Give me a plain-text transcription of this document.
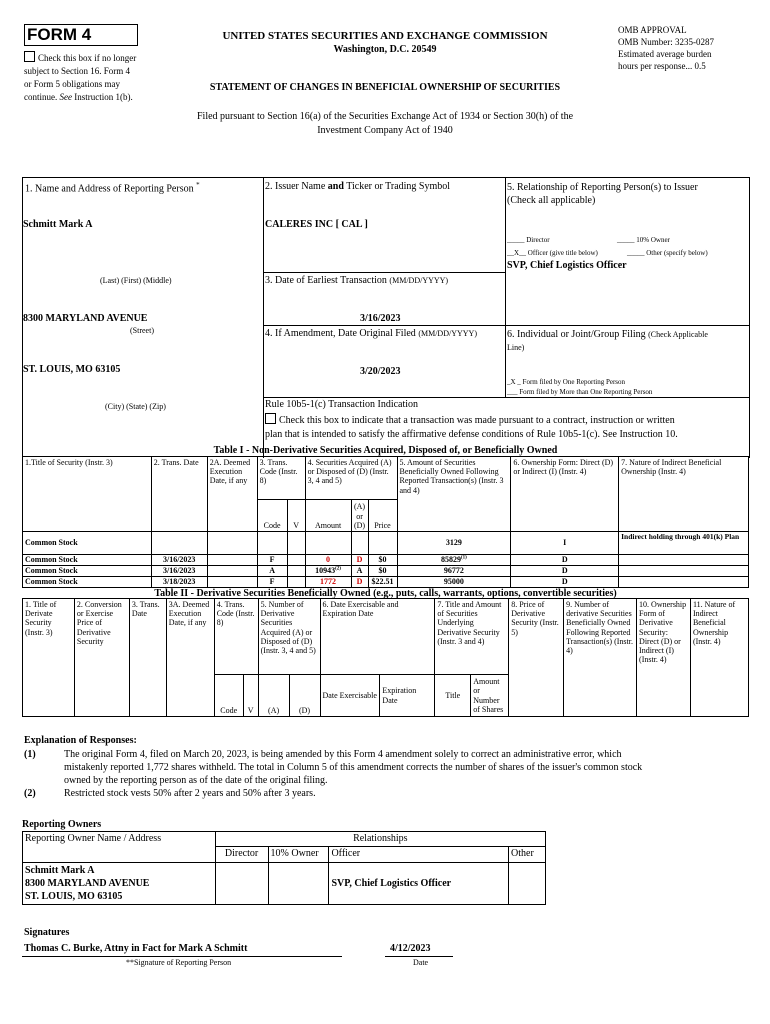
FORM 4
Check this box if no longer
subject to Section 16. Form 4
or Form 5 obligations may
continue. See Instruction 1(b).
UNITED STATES SECURITIES AND EXCHANGE COMMISSION
Washington, D.C. 20549
STATEMENT OF CHANGES IN BENEFICIAL OWNERSHIP OF SECURITIES
OMB APPROVAL
OMB Number: 3235-0287
Estimated average burden
hours per response... 0.5
Filed pursuant to Section 16(a) of the Securities Exchange Act of 1934 or Section 30(h) of the
Investment Company Act of 1940
1. Name and Address of Reporting Person *
Schmitt Mark A
(Last) (First) (Middle)
8300 MARYLAND AVENUE
(Street)
ST. LOUIS, MO 63105
(City) (State) (Zip)
2. Issuer Name and Ticker or Trading Symbol
CALERES INC [ CAL ]
3. Date of Earliest Transaction (MM/DD/YYYY)
3/16/2023
4. If Amendment, Date Original Filed (MM/DD/YYYY)
3/20/2023
5. Relationship of Reporting Person(s) to Issuer
(Check all applicable)
_____ Director	_____ 10% Owner
__X__ Officer (give title below)	_____ Other (specify below)
SVP, Chief Logistics Officer
6. Individual or Joint/Group Filing (Check Applicable
Line)
_X _ Form filed by One Reporting Person
___ Form filed by More than One Reporting Person
Rule 10b5-1(c) Transaction Indication
Check this box to indicate that a transaction was made pursuant to a contract, instruction or written
plan that is intended to satisfy the affirmative defense conditions of Rule 10b5-1(c). See Instruction 10.
Table I - Non-Derivative Securities Acquired, Disposed of, or Beneficially Owned
1.Title of Security (Instr. 3)	2. Trans. Date	2A. Deemed Execution Date, if any	3. Trans. Code (Instr. 8)		4. Securities Acquired (A) or Disposed of (D) (Instr. 3, 4 and 5)			5. Amount of Securities Beneficially Owned Following Reported Transaction(s) (Instr. 3 and 4)	6. Ownership Form: Direct (D) or Indirect (I) (Instr. 4)	7. Nature of Indirect Beneficial Ownership (Instr. 4)
			Code	V	Amount	(A) or (D)	Price			
Common Stock								3129	I	Indirect holding through 401(k) Plan
Common Stock	3/16/2023		F		0	D	$0	85829$^{(1)}$	D	
Common Stock	3/16/2023		A		10943$^{(2)}$	A	$0	96772	D	
Common Stock	3/18/2023		F		1772	D	$22.51	95000	D	
Table II - Derivative Securities Beneficially Owned (e.g., puts, calls, warrants, options, convertible securities)
1. Title of Derivate Security (Instr. 3)	2. Conversion or Exercise Price of Derivative Security	3. Trans. Date	3A. Deemed Execution Date, if any	4. Trans. Code (Instr. 8)		5. Number of Derivative Securities Acquired (A) or Disposed of (D) (Instr. 3, 4 and 5)		6. Date Exercisable and Expiration Date		7. Title and Amount of Securities Underlying Derivative Security (Instr. 3 and 4)		8. Price of Derivative Security (Instr. 5)	9. Number of derivative Securities Beneficially Owned Following Reported Transaction(s) (Instr. 4)	10. Ownership Form of Derivative Security: Direct (D) or Indirect (I) (Instr. 4)	11. Nature of Indirect Beneficial Ownership (Instr. 4)
				Code	V	(A)	(D)	Date Exercisable	Expiration Date	Title	Amount or Number of Shares				
Explanation of Responses:
(1)	The original Form 4, filed on March 20, 2023, is being amended by this Form 4 amendment solely to correct an administrative error, which
mistakenly reported 1,772 shares withheld. The total in Column 5 of this amendment corrects the number of shares of the issuer's common stock
owned by the reporting person as of the date of the original filing.
(2)	Restricted stock vests 50% after 2 years and 50% after 3 years.
Reporting Owners
Reporting Owner Name / Address	Relationships			
	Director	10% Owner	Officer	Other

Schmitt Mark A
8300 MARYLAND AVENUE
ST. LOUIS, MO 63105			SVP, Chief Logistics Officer	
Signatures
Thomas C. Burke, Attny in Fact for Mark A Schmitt
**Signature of Reporting Person
4/12/2023
Date
